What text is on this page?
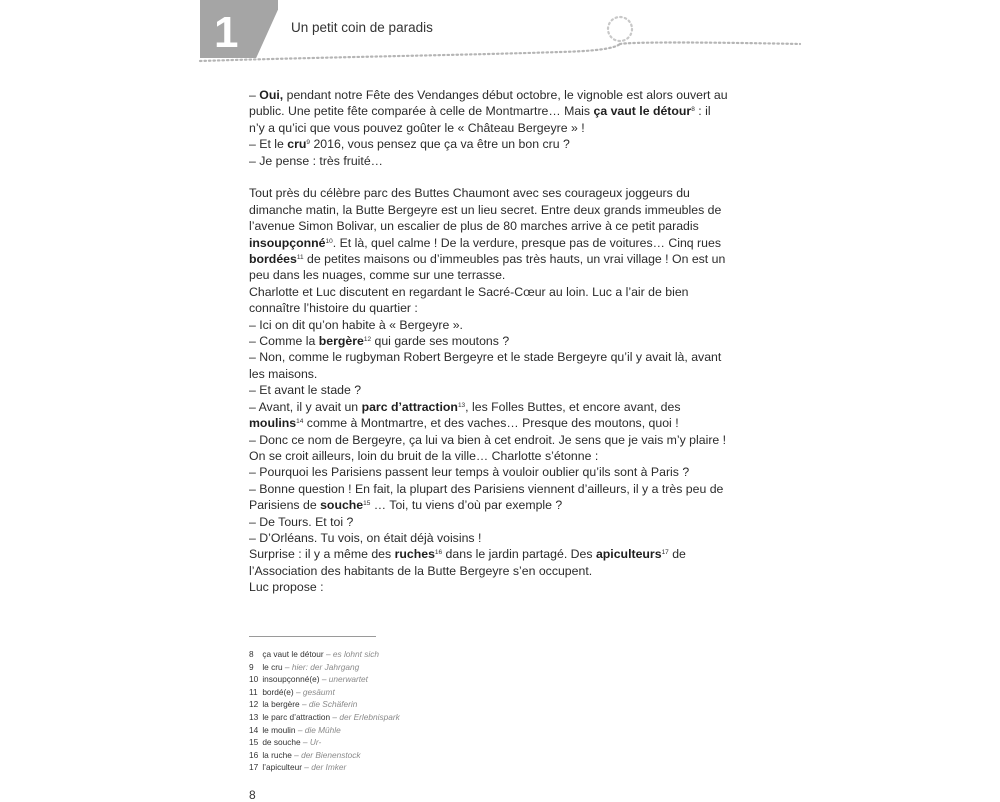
1	Un petit coin de paradis

– Oui, pendant notre Fête des Vendanges début octobre, le vignoble est alors ouvert au public. Une petite fête comparée à celle de Montmartre… Mais ça vaut le détour$^8$ : il n’y a qu’ici que vous pouvez goûter le « Château Bergeyre » !

– Et le cru$^9$ 2016, vous pensez que ça va être un bon cru ?

– Je pense : très fruité…

Tout près du célèbre parc des Buttes Chaumont avec ses courageux joggeurs du dimanche matin, la Butte Bergeyre est un lieu secret. Entre deux grands immeubles de l’avenue Simon Bolivar, un escalier de plus de 80 marches arrive à ce petit paradis insoupçonné$^{10}$. Et là, quel calme ! De la verdure, presque pas de voitures… Cinq rues bordées$^{11}$ de petites maisons ou d’immeubles pas très hauts, un vrai village ! On est un peu dans les nuages, comme sur une terrasse.

Charlotte et Luc discutent en regardant le Sacré-Cœur au loin. Luc a l’air de bien connaître l’histoire du quartier :

– Ici on dit qu’on habite à « Bergeyre ».

– Comme la bergère$^{12}$ qui garde ses moutons ?

– Non, comme le rugbyman Robert Bergeyre et le stade Bergeyre qu’il y avait là, avant les maisons.

– Et avant le stade ?

– Avant, il y avait un parc d’attraction$^{13}$, les Folles Buttes, et encore avant, des moulins$^{14}$ comme à Montmartre, et des vaches… Presque des moutons, quoi !

– Donc ce nom de Bergeyre, ça lui va bien à cet endroit. Je sens que je vais m’y plaire ! On se croit ailleurs, loin du bruit de la ville… Charlotte s’étonne :

– Pourquoi les Parisiens passent leur temps à vouloir oublier qu’ils sont à Paris ?

– Bonne question ! En fait, la plupart des Parisiens viennent d’ailleurs, il y a très peu de Parisiens de souche$^{15}$ … Toi, tu viens d’où par exemple ?

– De Tours. Et toi ?

– D’Orléans. Tu vois, on était déjà voisins !

Surprise : il y a même des ruches$^{16}$ dans le jardin partagé. Des apiculteurs$^{17}$ de l’Association des habitants de la Butte Bergeyre s’en occupent.

Luc propose :

8 ça vaut le détour – es lohnt sich
9 le cru – hier: der Jahrgang
10 insoupçonné(e) – unerwartet
11 bordé(e) – gesäumt
12 la bergère – die Schäferin
13 le parc d’attraction – der Erlebnispark
14 le moulin – die Mühle
15 de souche – Ur-
16 la ruche – der Bienenstock
17 l’apiculteur – der Imker
8
